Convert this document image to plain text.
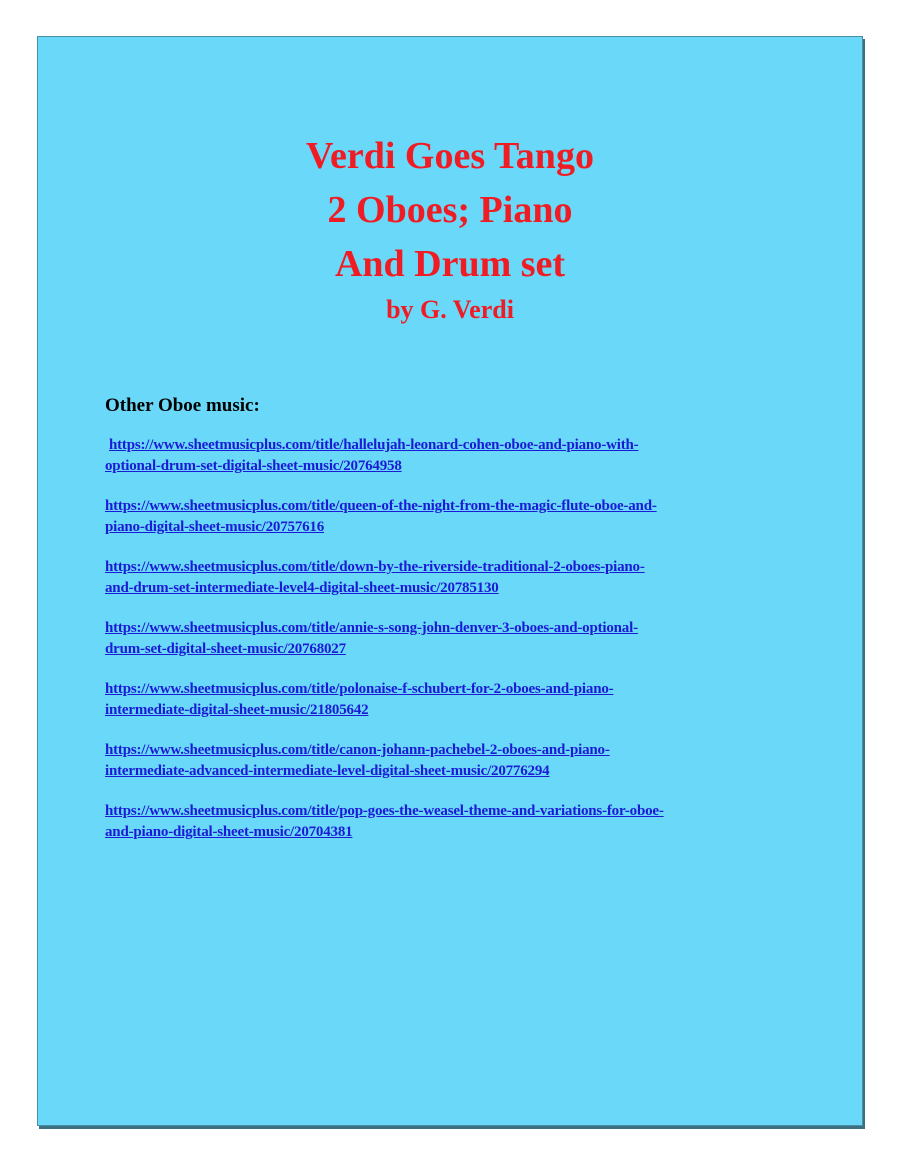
Verdi Goes Tango

2 Oboes; Piano

And Drum set

by G. Verdi

Other Oboe music:

https://www.sheetmusicplus.com/title/hallelujah-leonard-cohen-oboe-and-piano-with-
optional-drum-set-digital-sheet-music/20764958
https://www.sheetmusicplus.com/title/queen-of-the-night-from-the-magic-flute-oboe-and-
piano-digital-sheet-music/20757616
https://www.sheetmusicplus.com/title/down-by-the-riverside-traditional-2-oboes-piano-
and-drum-set-intermediate-level4-digital-sheet-music/20785130
https://www.sheetmusicplus.com/title/annie-s-song-john-denver-3-oboes-and-optional-
drum-set-digital-sheet-music/20768027
https://www.sheetmusicplus.com/title/polonaise-f-schubert-for-2-oboes-and-piano-
intermediate-digital-sheet-music/21805642
https://www.sheetmusicplus.com/title/canon-johann-pachebel-2-oboes-and-piano-
intermediate-advanced-intermediate-level-digital-sheet-music/20776294
https://www.sheetmusicplus.com/title/pop-goes-the-weasel-theme-and-variations-for-oboe-
and-piano-digital-sheet-music/20704381
